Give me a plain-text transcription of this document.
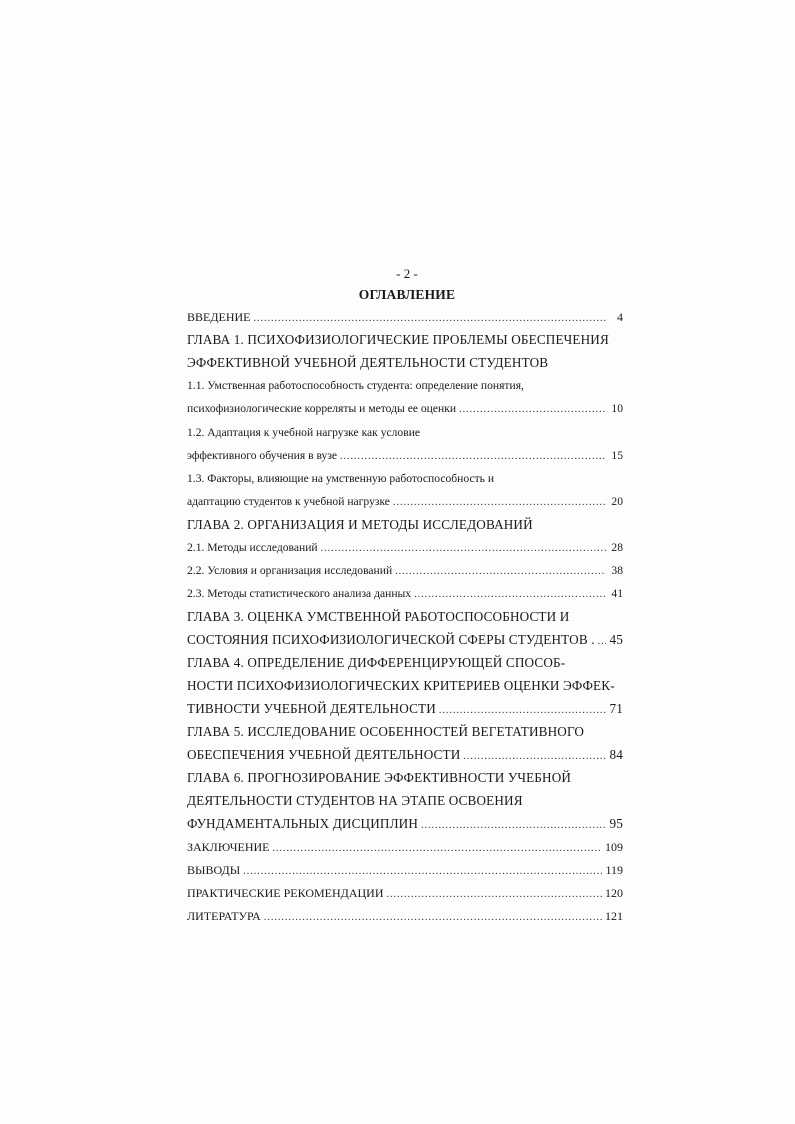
- 2 -
ОГЛАВЛЕНИЕ
ВВЕДЕНИЕ .....	4
ГЛАВА 1. ПСИХОФИЗИОЛОГИЧЕСКИЕ ПРОБЛЕМЫ ОБЕСПЕЧЕНИЯ
ЭФФЕКТИВНОЙ УЧЕБНОЙ ДЕЯТЕЛЬНОСТИ СТУДЕНТОВ
1.1. Умственная работоспособность студента: определение понятия,
психофизиологические корреляты и методы ее оценки .....	10
1.2. Адаптация к учебной нагрузке как условие
эффективного обучения в вузе .....	15
1.3. Факторы, влияющие на умственную работоспособность и
адаптацию студентов к учебной нагрузке .....	20
ГЛАВА 2. ОРГАНИЗАЦИЯ И МЕТОДЫ ИССЛЕДОВАНИЙ
2.1. Методы исследований .....	28
2.2. Условия и организация исследований .....	38
2.3. Методы статистического анализа данных .....	41
ГЛАВА 3. ОЦЕНКА УМСТВЕННОЙ РАБОТОСПОСОБНОСТИ И
СОСТОЯНИЯ ПСИХОФИЗИОЛОГИЧЕСКОЙ СФЕРЫ СТУДЕНТОВ . ..... 45
ГЛАВА 4. ОПРЕДЕЛЕНИЕ ДИФФЕРЕНЦИРУЮЩЕЙ СПОСОБ-
НОСТИ ПСИХОФИЗИОЛОГИЧЕСКИХ КРИТЕРИЕВ ОЦЕНКИ ЭФФЕК-
ТИВНОСТИ УЧЕБНОЙ ДЕЯТЕЛЬНОСТИ .....	71
ГЛАВА 5. ИССЛЕДОВАНИЕ ОСОБЕННОСТЕЙ ВЕГЕТАТИВНОГО
ОБЕСПЕЧЕНИЯ УЧЕБНОЙ ДЕЯТЕЛЬНОСТИ .....	84
ГЛАВА 6. ПРОГНОЗИРОВАНИЕ ЭФФЕКТИВНОСТИ УЧЕБНОЙ
ДЕЯТЕЛЬНОСТИ СТУДЕНТОВ НА ЭТАПЕ ОСВОЕНИЯ
ФУНДАМЕНТАЛЬНЫХ ДИСЦИПЛИН .....	95
ЗАКЛЮЧЕНИЕ .....	109
ВЫВОДЫ .....	119
ПРАКТИЧЕСКИЕ РЕКОМЕНДАЦИИ .....	120
ЛИТЕРАТУРА .....	121
